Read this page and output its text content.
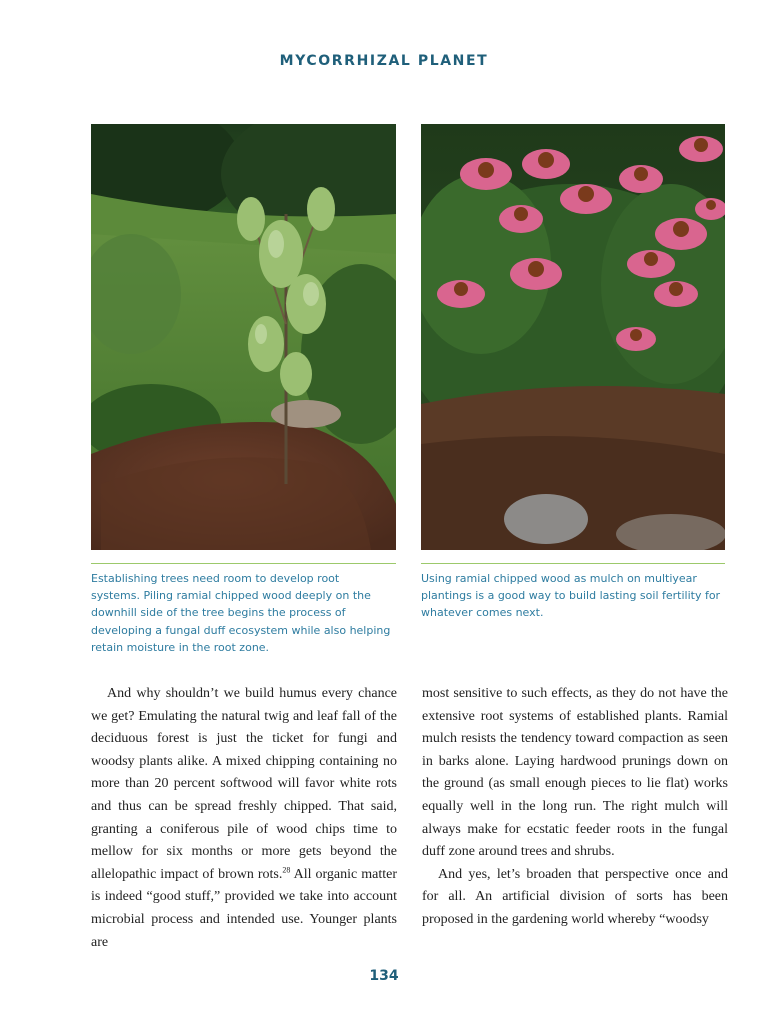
MYCORRHIZAL PLANET

Establishing trees need room to develop root systems. Piling ramial chipped wood deeply on the downhill side of the tree begins the process of developing a fungal duff ecosystem while also helping retain moisture in the root zone.

Using ramial chipped wood as mulch on multiyear plantings is a good way to build lasting soil fertility for whatever comes next.

And why shouldn’t we build humus every chance we get? Emulating the natural twig and leaf fall of the deciduous forest is just the ticket for fungi and woodsy plants alike. A mixed chipping containing no more than 20 percent softwood will favor white rots and thus can be spread freshly chipped. That said, granting a coniferous pile of wood chips time to mellow for six months or more gets beyond the allelopathic impact of brown rots.$^{28}$ All organic matter is indeed “good stuff,” provided we take into account microbial process and intended use. Younger plants are

most sensitive to such effects, as they do not have the extensive root systems of established plants. Ramial mulch resists the tendency toward compaction as seen in barks alone. Laying hardwood prunings down on the ground (as small enough pieces to lie flat) works equally well in the long run. The right mulch will always make for ecstatic feeder roots in the fungal duff zone around trees and shrubs.

And yes, let’s broaden that perspective once and for all. An artificial division of sorts has been proposed in the gardening world whereby “woodsy

134
